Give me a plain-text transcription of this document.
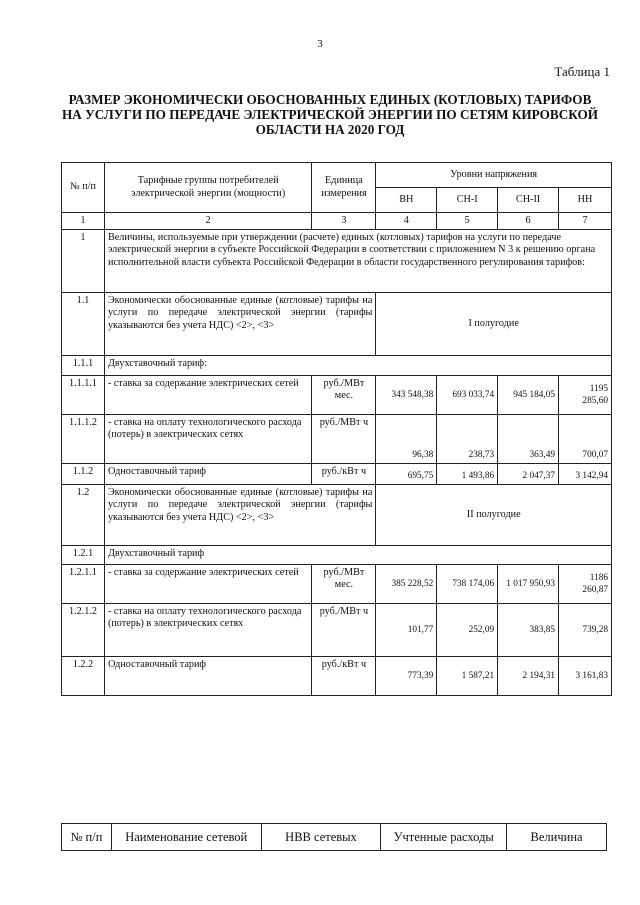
3
Таблица 1
РАЗМЕР ЭКОНОМИЧЕСКИ ОБОСНОВАННЫХ ЕДИНЫХ (КОТЛОВЫХ) ТАРИФОВ НА УСЛУГИ ПО ПЕРЕДАЧЕ ЭЛЕКТРИЧЕСКОЙ ЭНЕРГИИ ПО СЕТЯМ КИРОВСКОЙ ОБЛАСТИ НА 2020 ГОД
№ п/п	Тарифные группы потребителей электрической энергии (мощности)	Единица измерения	Уровни напряжения			
			ВН	СН-I	СН-II	НН
1	2	3	4	5	6	7
1	Величины, используемые при утверждении (расчете) единых (котловых) тарифов на услуги по передаче электрической энергии в субъекте Российской Федерации в соответствии с приложением N 3 к решению органа исполнительной власти субъекта Российской Федерации в области государственного регулирования тарифов:					
1.1	Экономически обоснованные единые (котловые) тарифы на услуги по передаче электрической энергии (тарифы указываются без учета НДС) <2>, <3>		I полугодие			
1.1.1	Двухставочный тариф:					
1.1.1.1	- ставка за содержание электрических сетей	руб./МВт мес.	343 548,38	693 033,74	945 184,05	1195 285,60
1.1.1.2	- ставка на оплату технологического расхода (потерь) в электрических сетях	руб./МВт ч	96,38	238,73	363,49	700,07
1.1.2	Одноставочный тариф	руб./кВт ч	695,75	1 493,86	2 047,37	3 142,94
1.2	Экономически обоснованные единые (котловые) тарифы на услуги по передаче электрической энергии (тарифы указываются без учета НДС) <2>, <3>		II полугодие			
1.2.1	Двухставочный тариф					
1.2.1.1	- ставка за содержание электрических сетей	руб./МВт мес.	385 228,52	738 174,06	1 017 950,93	1186 260,87
1.2.1.2	- ставка на оплату технологического расхода (потерь) в электрических сетях	руб./МВт ч	101,77	252,09	383,85	739,28
1.2.2	Одноставочный тариф	руб./кВт ч	773,39	1 587,21	2 194,31	3 161,83
№ п/п	Наименование сетевой	НВВ сетевых	Учтенные расходы	Величина
